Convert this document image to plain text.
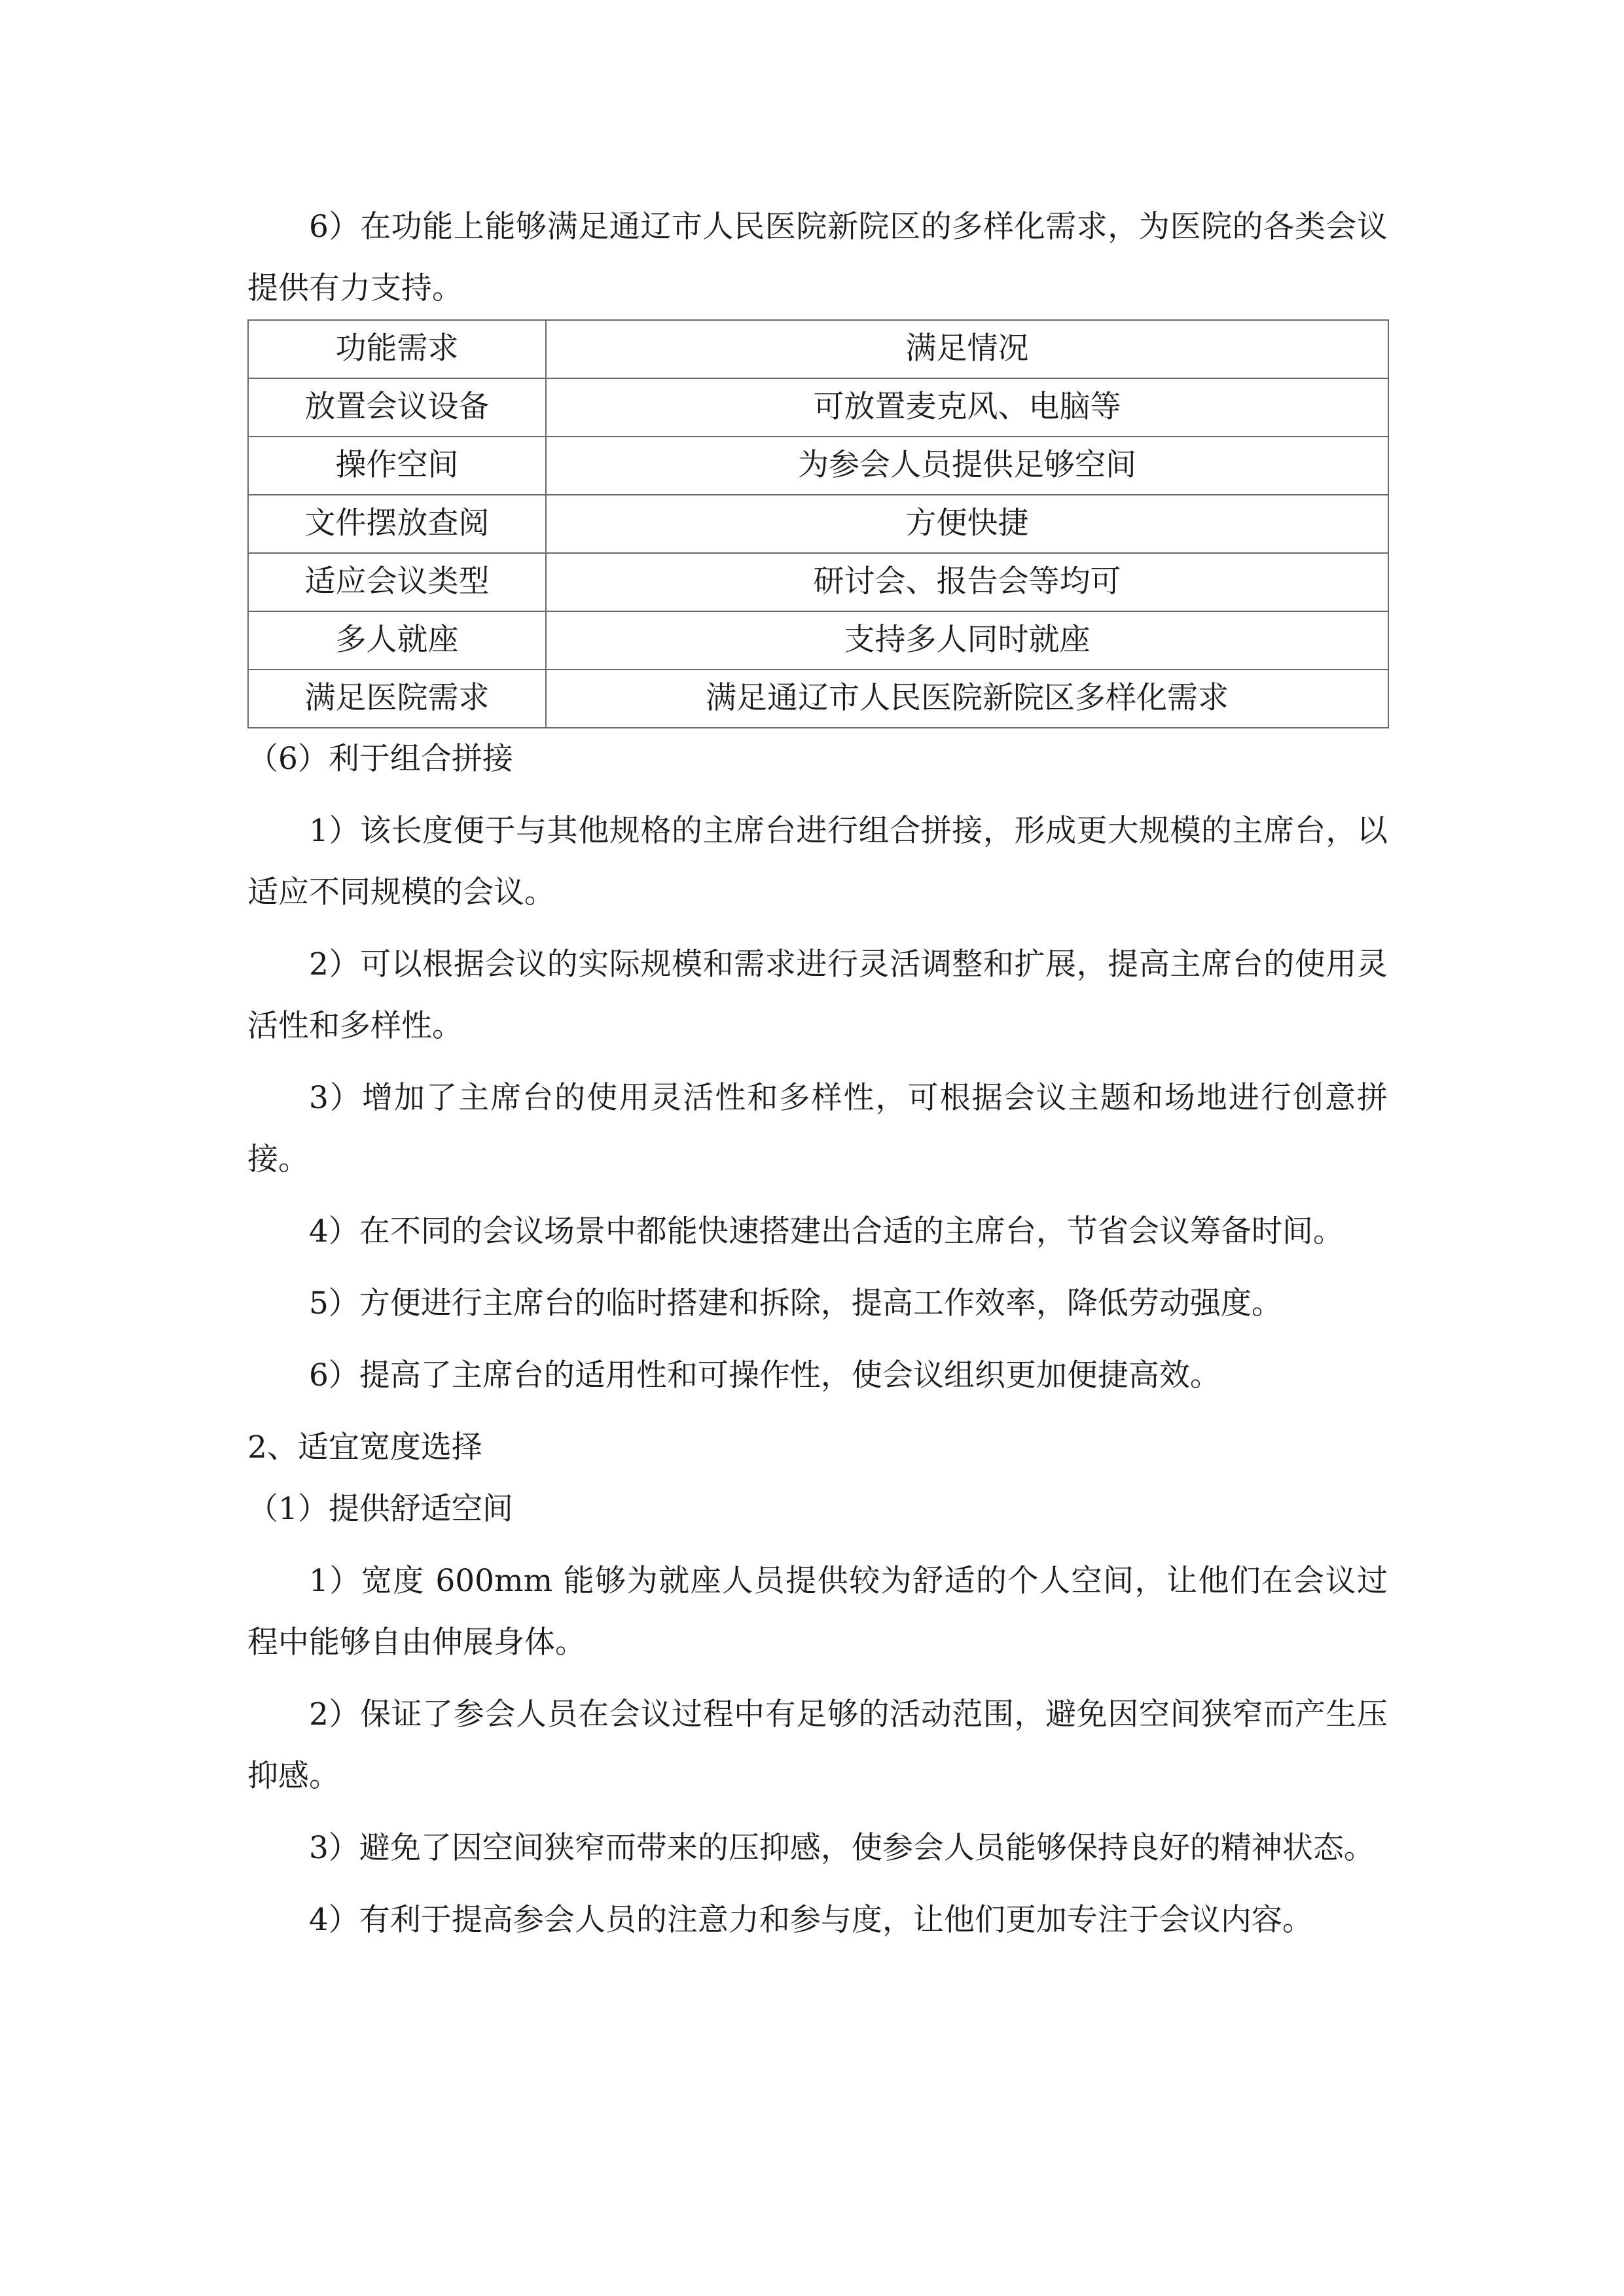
6）在功能上能够满足通辽市人民医院新院区的多样化需求，为医院的各类会议提供有力支持。

功能需求	满足情况
放置会议设备	可放置麦克风、电脑等
操作空间	为参会人员提供足够空间
文件摆放查阅	方便快捷
适应会议类型	研讨会、报告会等均可
多人就座	支持多人同时就座
满足医院需求	满足通辽市人民医院新院区多样化需求

（6）利于组合拼接

1）该长度便于与其他规格的主席台进行组合拼接，形成更大规模的主席台，以适应不同规模的会议。

2）可以根据会议的实际规模和需求进行灵活调整和扩展，提高主席台的使用灵活性和多样性。

3）增加了主席台的使用灵活性和多样性，可根据会议主题和场地进行创意拼接。

4）在不同的会议场景中都能快速搭建出合适的主席台，节省会议筹备时间。

5）方便进行主席台的临时搭建和拆除，提高工作效率，降低劳动强度。

6）提高了主席台的适用性和可操作性，使会议组织更加便捷高效。

2、适宜宽度选择

（1）提供舒适空间

1）宽度 600mm 能够为就座人员提供较为舒适的个人空间，让他们在会议过程中能够自由伸展身体。

2）保证了参会人员在会议过程中有足够的活动范围，避免因空间狭窄而产生压抑感。

3）避免了因空间狭窄而带来的压抑感，使参会人员能够保持良好的精神状态。

4）有利于提高参会人员的注意力和参与度，让他们更加专注于会议内容。
